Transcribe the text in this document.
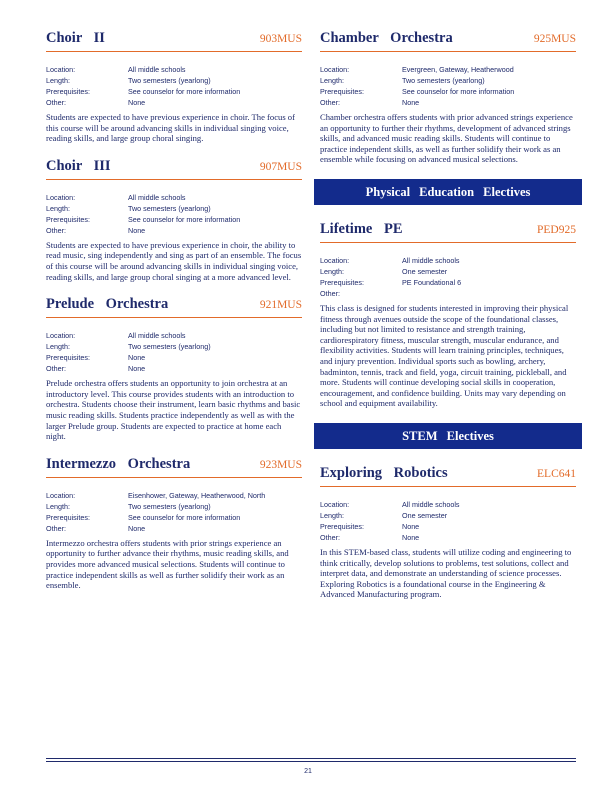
Choir II	903MUS
Location:	All middle schools
Length:	Two semesters (yearlong)
Prerequisites:	See counselor for more information
Other:	None
Students are expected to have previous experience in choir. The focus of this course will be around advancing skills in individual singing voice, reading skills, and large group choral singing.
Choir III	907MUS
Location:	All middle schools
Length:	Two semesters (yearlong)
Prerequisites:	See counselor for more information
Other:	None
Students are expected to have previous experience in choir, the ability to read music, sing independently and sing as part of an ensemble. The focus of this course will be around advancing skills in individual singing voice, reading skills, and large group choral singing at a more advanced level.
Prelude Orchestra	921MUS
Location:	All middle schools
Length:	Two semesters (yearlong)
Prerequisites:	None
Other:	None
Prelude orchestra offers students an opportunity to join orchestra at an introductory level. This course provides students with an introduction to orchestra. Students choose their instrument, learn basic rhythms and basic music reading skills. Students practice independently as well as with the larger Prelude group. Students are expected to practice at home each night.
Intermezzo Orchestra	923MUS
Location:	Eisenhower, Gateway, Heatherwood, North
Length:	Two semesters (yearlong)
Prerequisites:	See counselor for more information
Other:	None
Intermezzo orchestra offers students with prior strings experience an opportunity to further advance their rhythms, music reading skills, and provides more advanced musical selections. Students will continue to practice independent skills as well as further solidify their work as an ensemble.
Chamber Orchestra	925MUS
Location:	Evergreen, Gateway, Heatherwood
Length:	Two semesters (yearlong)
Prerequisites:	See counselor for more information
Other:	None
Chamber orchestra offers students with prior advanced strings experience an opportunity to further their rhythms, development of advanced strings skills, and advanced music reading skills. Students will continue to practice independent skills, as well as further solidify their work as an ensemble while focusing on advanced musical selections.
Physical Education Electives
Lifetime PE	PED925
Location:	All middle schools
Length:	One semester
Prerequisites:	PE Foundational 6
Other:
This class is designed for students interested in improving their physical fitness through avenues outside the scope of the foundational classes, including but not limited to resistance and strength training, cardiorespiratory fitness, muscular strength, muscular endurance, and flexibility activities. Students will learn training principles, techniques, and injury prevention. Individual sports such as bowling, archery, badminton, tennis, track and field, yoga, circuit training, pickleball, and more. Students will continue developing social skills in cooperation, encouragement, and confidence building. Units may vary depending on school and equipment availability.
STEM Electives
Exploring Robotics	ELC641
Location:	All middle schools
Length:	One semester
Prerequisites:	None
Other:	None
In this STEM-based class, students will utilize coding and engineering to think critically, develop solutions to problems, test solutions, collect and interpret data, and demonstrate an understanding of science processes. Exploring Robotics is a foundational course in the Engineering & Advanced Manufacturing program.
21
